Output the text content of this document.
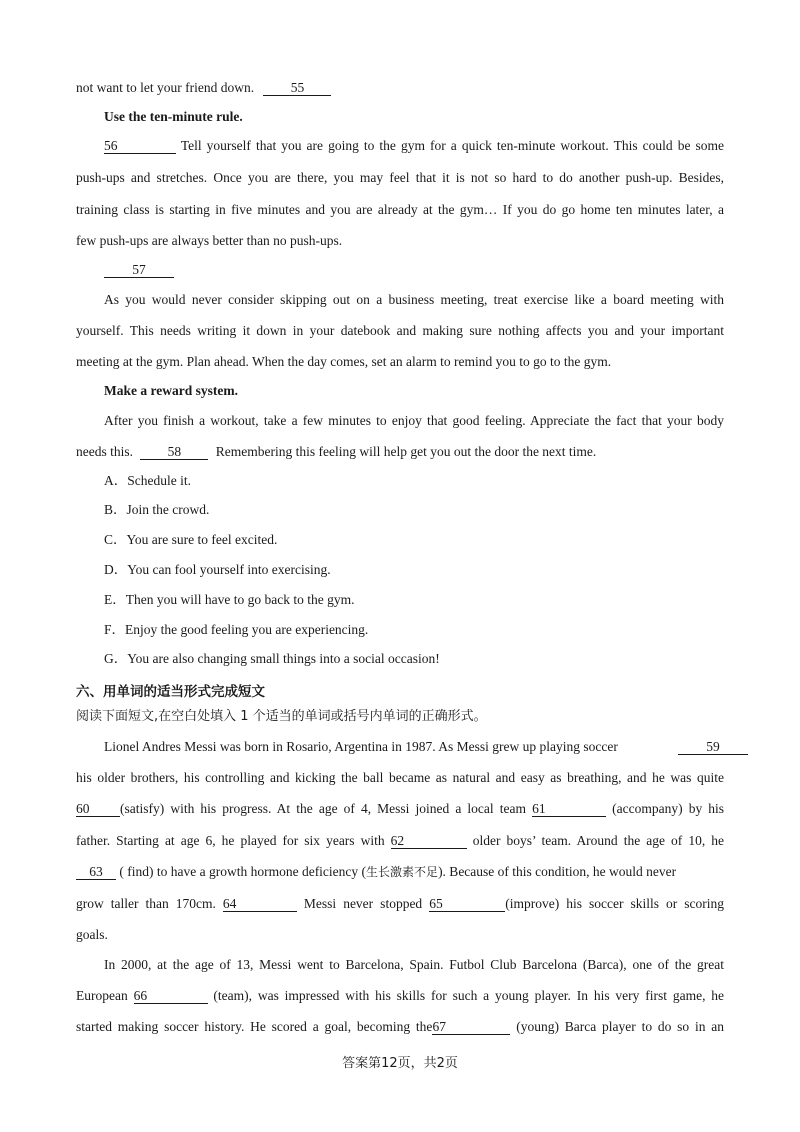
not want to let your friend down.	55
Use the ten-minute rule.
56	Tell yourself that you are going to the gym for a quick ten-minute workout. This could be some
push-ups and stretches. Once you are there, you may feel that it is not so hard to do another push-up. Besides,
training class is starting in five minutes and you are already at the gym… If you do go home ten minutes later, a
few push-ups are always better than no push-ups.
57
As you would never consider skipping out on a business meeting, treat exercise like a board meeting with
yourself. This needs writing it down in your datebook and making sure nothing affects you and your important
meeting at the gym. Plan ahead. When the day comes, set an alarm to remind you to go to the gym.
Make a reward system.
After you finish a workout, take a few minutes to enjoy that good feeling. Appreciate the fact that your body
needs this.	58	Remembering this feeling will help get you out the door the next time.
A．Schedule it.
B．Join the crowd.
C．You are sure to feel excited.
D．You can fool yourself into exercising.
E．Then you will have to go back to the gym.
F．Enjoy the good feeling you are experiencing.
G．You are also changing small things into a social occasion!
六、用单词的适当形式完成短文
阅读下面短文,在空白处填入 1 个适当的单词或括号内单词的正确形式。
Lionel Andres Messi was born in Rosario, Argentina in 1987. As Messi grew up playing soccer	59
his older brothers, his controlling and kicking the ball became as natural and easy as breathing, and he was quite
60 (satisfy) with his progress. At the age of 4, Messi joined a local team 61	(accompany) by his
father. Starting at age 6, he played for six years with 62	older boys’ team. Around the age of 10, he
63 ( find) to have a growth hormone deficiency (生长激素不足). Because of this condition, he would never
grow taller than 170cm. 64	Messi never stopped 65	(improve) his soccer skills or scoring
goals.
In 2000, at the age of 13, Messi went to Barcelona, Spain. Futbol Club Barcelona (Barca), one of the great
European 66	(team), was impressed with his skills for such a young player. In his very first game, he
started making soccer history. He scored a goal, becoming the67	(young) Barca player to do so in an
答案第12页，共2页
